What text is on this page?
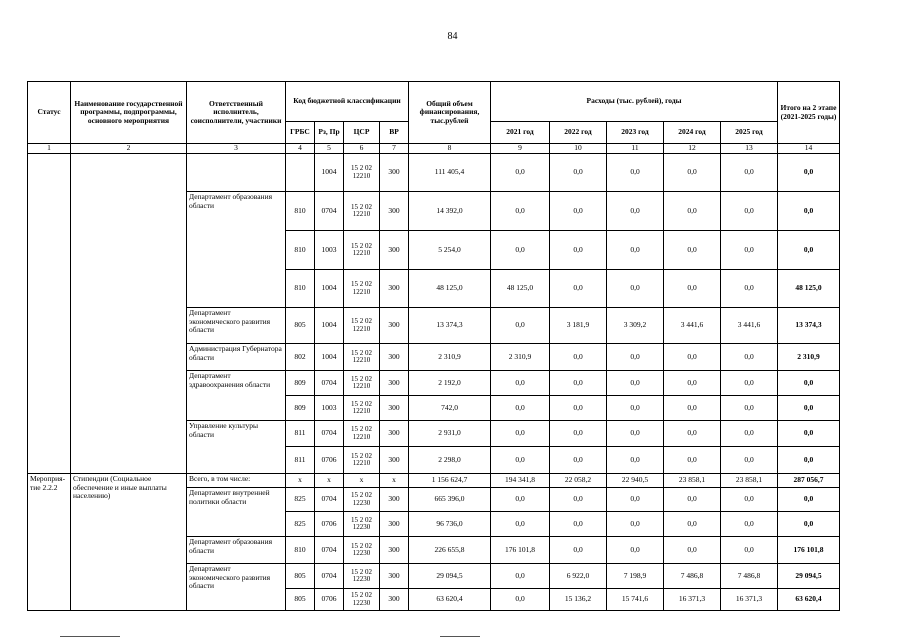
84
Статус	Наименование государственной программы, подпрограммы, основного мероприятия	Ответственный исполнитель, соисполнители, участники	Код бюджетной классификации				Общий объем финансирования, тыс.рублей	Расходы (тыс. рублей), годы					Итого на 2 этапе (2021-2025 годы)
			ГРБС	Рз, Пр	ЦСР	ВР		2021 год	2022 год	2023 год	2024 год	2025 год	
1	2	3	4	5	6	7	8	9	10	11	12	13	14
				1004	15 2 02 12210	300	111 405,4	0,0	0,0	0,0	0,0	0,0	0,0
		Департамент образования области	810	0704	15 2 02 12210	300	14 392,0	0,0	0,0	0,0	0,0	0,0	0,0
			810	1003	15 2 02 12210	300	5 254,0	0,0	0,0	0,0	0,0	0,0	0,0
			810	1004	15 2 02 12210	300	48 125,0	48 125,0	0,0	0,0	0,0	0,0	48 125,0
		Департамент экономического развития области	805	1004	15 2 02 12210	300	13 374,3	0,0	3 181,9	3 309,2	3 441,6	3 441,6	13 374,3
		Администрация Губернатора области	802	1004	15 2 02 12210	300	2 310,9	2 310,9	0,0	0,0	0,0	0,0	2 310,9
		Департамент здравоохранения области	809	0704	15 2 02 12210	300	2 192,0	0,0	0,0	0,0	0,0	0,0	0,0
			809	1003	15 2 02 12210	300	742,0	0,0	0,0	0,0	0,0	0,0	0,0
		Управление культуры области	811	0704	15 2 02 12210	300	2 931,0	0,0	0,0	0,0	0,0	0,0	0,0
			811	0706	15 2 02 12210	300	2 298,0	0,0	0,0	0,0	0,0	0,0	0,0
Мероприя-тие 2.2.2	Стипендии (Социальное обеспечение и иные выплаты населению)	Всего, в том числе:	x	x	x	x	1 156 624,7	194 341,8	22 058,2	22 940,5	23 858,1	23 858,1	287 056,7
		Департамент внутренней политики области	825	0704	15 2 02 12230	300	665 396,0	0,0	0,0	0,0	0,0	0,0	0,0
			825	0706	15 2 02 12230	300	96 736,0	0,0	0,0	0,0	0,0	0,0	0,0
		Департамент образования области	810	0704	15 2 02 12230	300	226 655,8	176 101,8	0,0	0,0	0,0	0,0	176 101,8
		Департамент экономического развития области	805	0704	15 2 02 12230	300	29 094,5	0,0	6 922,0	7 198,9	7 486,8	7 486,8	29 094,5
			805	0706	15 2 02 12230	300	63 620,4	0,0	15 136,2	15 741,6	16 371,3	16 371,3	63 620,4
